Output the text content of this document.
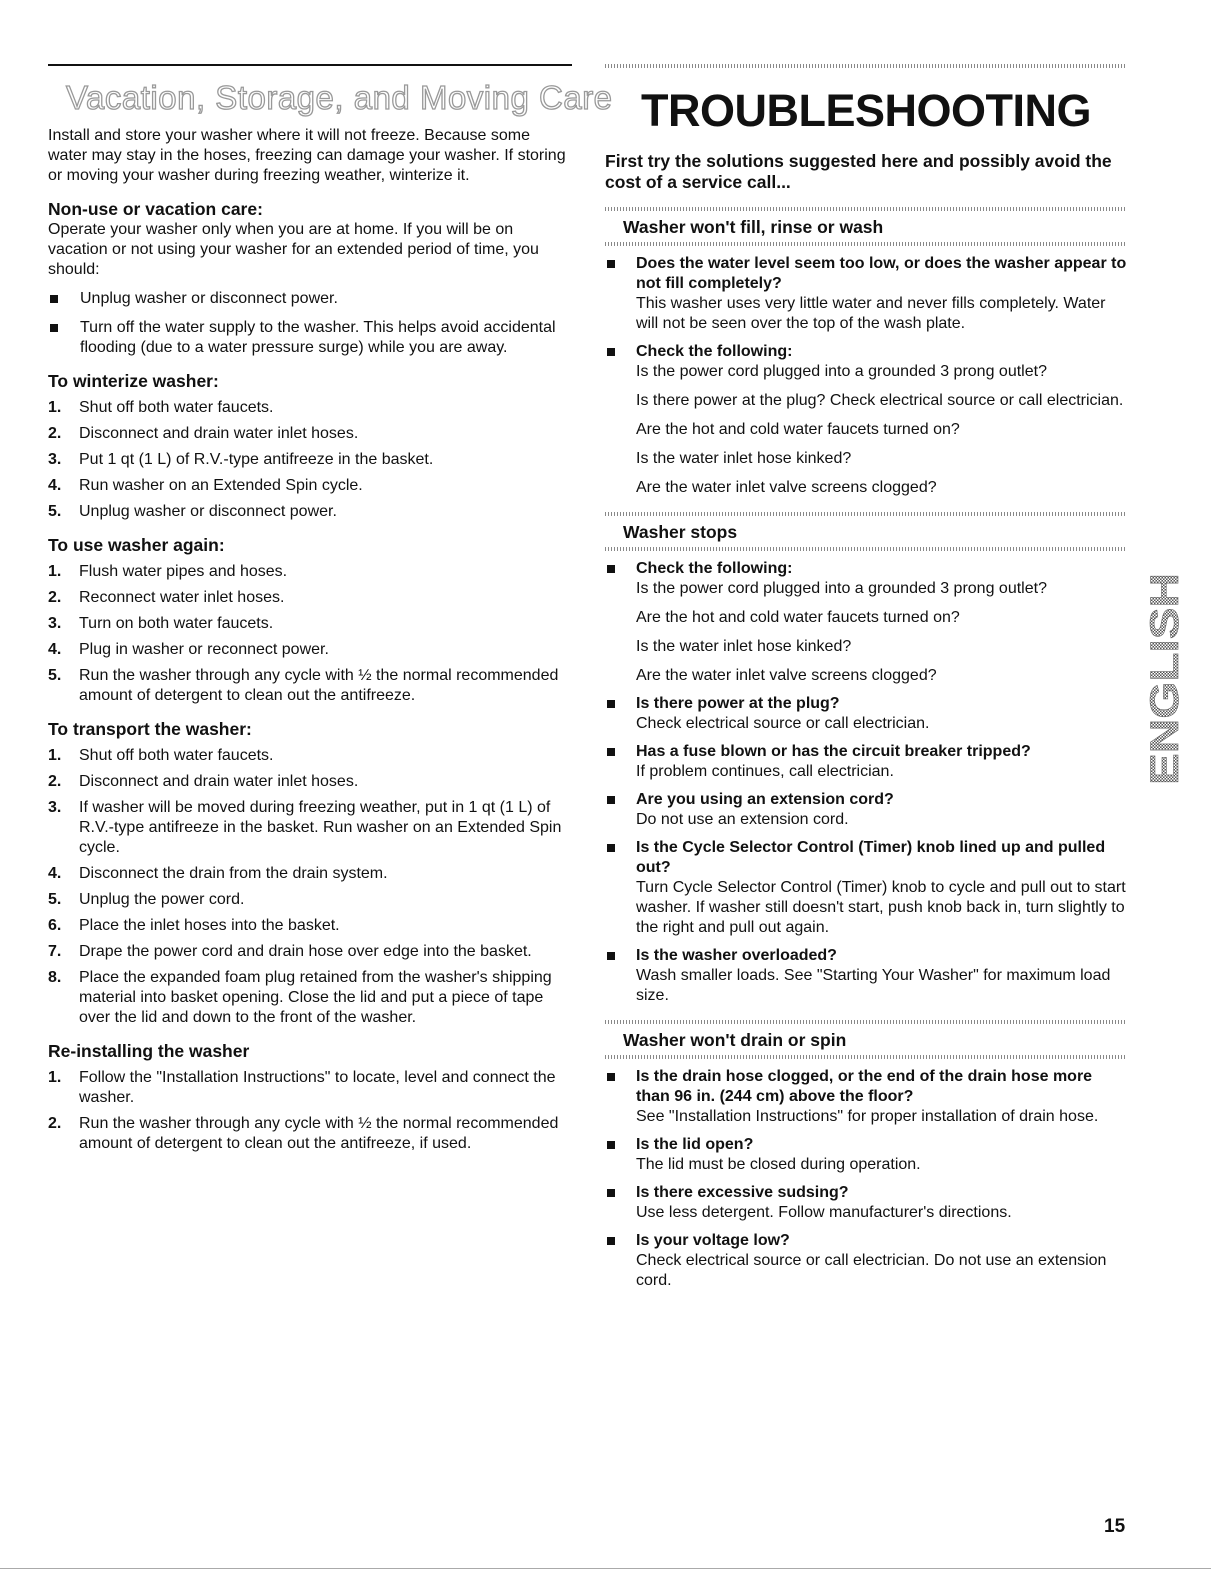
Vacation, Storage, and Moving Care

Install and store your washer where it will not freeze. Because some water may stay in the hoses, freezing can damage your washer. If storing or moving your washer during freezing weather, winterize it.

Non-use or vacation care:

Operate your washer only when you are at home. If you will be on vacation or not using your washer for an extended period of time, you should:

Unplug washer or disconnect power.
Turn off the water supply to the washer. This helps avoid accidental flooding (due to a water pressure surge) while you are away.
To winterize washer:
1. Shut off both water faucets.
2. Disconnect and drain water inlet hoses.
3. Put 1 qt (1 L) of R.V.-type antifreeze in the basket.
4. Run washer on an Extended Spin cycle.
5. Unplug washer or disconnect power.
To use washer again:
1. Flush water pipes and hoses.
2. Reconnect water inlet hoses.
3. Turn on both water faucets.
4. Plug in washer or reconnect power.
5. Run the washer through any cycle with ½ the normal recommended amount of detergent to clean out the antifreeze.
To transport the washer:
1. Shut off both water faucets.
2. Disconnect and drain water inlet hoses.
3. If washer will be moved during freezing weather, put in 1 qt (1 L) of R.V.-type antifreeze in the basket. Run washer on an Extended Spin cycle.
4. Disconnect the drain from the drain system.
5. Unplug the power cord.
6. Place the inlet hoses into the basket.
7. Drape the power cord and drain hose over edge into the basket.
8. Place the expanded foam plug retained from the washer's shipping material into basket opening. Close the lid and put a piece of tape over the lid and down to the front of the washer.
Re-installing the washer
1. Follow the "Installation Instructions" to locate, level and connect the washer.
2. Run the washer through any cycle with ½ the normal recommended amount of detergent to clean out the antifreeze, if used.
TROUBLESHOOTING
First try the solutions suggested here and possibly avoid the cost of a service call...
Washer won't fill, rinse or wash
Does the water level seem too low, or does the washer appear to not fill completely?

This washer uses very little water and never fills completely. Water will not be seen over the top of the wash plate.

Check the following:

Is the power cord plugged into a grounded 3 prong outlet?

Is there power at the plug? Check electrical source or call electrician.

Are the hot and cold water faucets turned on?

Is the water inlet hose kinked?

Are the water inlet valve screens clogged?

Washer stops
Check the following:

Is the power cord plugged into a grounded 3 prong outlet?

Are the hot and cold water faucets turned on?

Is the water inlet hose kinked?

Are the water inlet valve screens clogged?

Is there power at the plug?

Check electrical source or call electrician.

Has a fuse blown or has the circuit breaker tripped?

If problem continues, call electrician.

Are you using an extension cord?

Do not use an extension cord.

Is the Cycle Selector Control (Timer) knob lined up and pulled out?

Turn Cycle Selector Control (Timer) knob to cycle and pull out to start washer. If washer still doesn't start, push knob back in, turn slightly to the right and pull out again.

Is the washer overloaded?

Wash smaller loads. See "Starting Your Washer" for maximum load size.

Washer won't drain or spin
Is the drain hose clogged, or the end of the drain hose more than 96 in. (244 cm) above the floor?

See "Installation Instructions" for proper installation of drain hose.

Is the lid open?

The lid must be closed during operation.

Is there excessive sudsing?

Use less detergent. Follow manufacturer's directions.

Is your voltage low?

Check electrical source or call electrician. Do not use an extension cord.

ENGLISH
15
